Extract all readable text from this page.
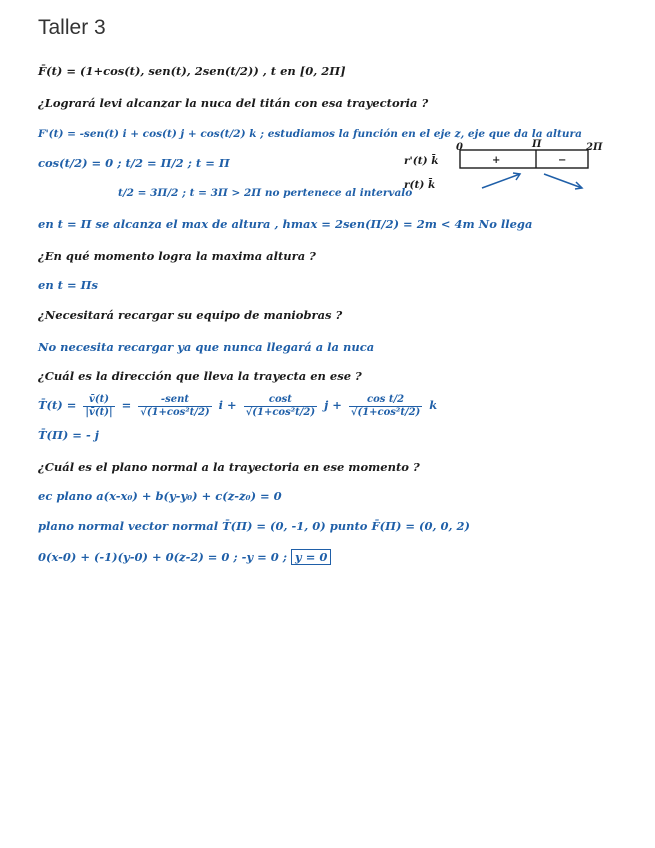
Taller 3
F̄(t) = (1+cos(t), sen(t), 2sen(t/2)) , t en [0, 2Π]
¿Logrará levi alcanzar la nuca del titán con esa trayectoria ?
F'(t) = -sen(t) i + cos(t) j + cos(t/2) k ; estudiamos la función en el eje z, eje que da la altura
cos(t/2) = 0 ; t/2 = Π/2 ; t = Π
t/2 = 3Π/2 ; t = 3Π > 2Π no pertenece al intervalo
0	Π	2Π
+	−
r'(t) k̄
r(t) k̄
en t = Π se alcanza el max de altura , hmax = 2sen(Π/2) = 2m < 4m No llega
¿En qué momento logra la maxima altura ?
en t = Πs
¿Necesitará recargar su equipo de maniobras ?
No necesita recargar ya que nunca llegará a la nuca
¿Cuál es la dirección que lleva la trayecta en ese ?
T̄(t) = $\frac{v̄(t)}{|v̄(t)|} = \frac{\text{-sent}}{\text{√(1+cos²t/2)}}$ $i + \frac{\cos t}{\text{√(1+cos²t/2)}}$ $j + \frac{\text{cos t/2}}{\text{√(1+cos²t/2)}}$ k
T̄(Π) = - j
¿Cuál es el plano normal a la trayectoria en ese momento ?
ec plano a(x-x₀) + b(y-y₀) + c(z-z₀) = 0
plano normal vector normal T̄(Π) = (0, -1, 0) punto F̄(Π) = (0, 0, 2)
0(x-0) + (-1)(y-0) + 0(z-2) = 0 ; -y = 0 ; y = 0
